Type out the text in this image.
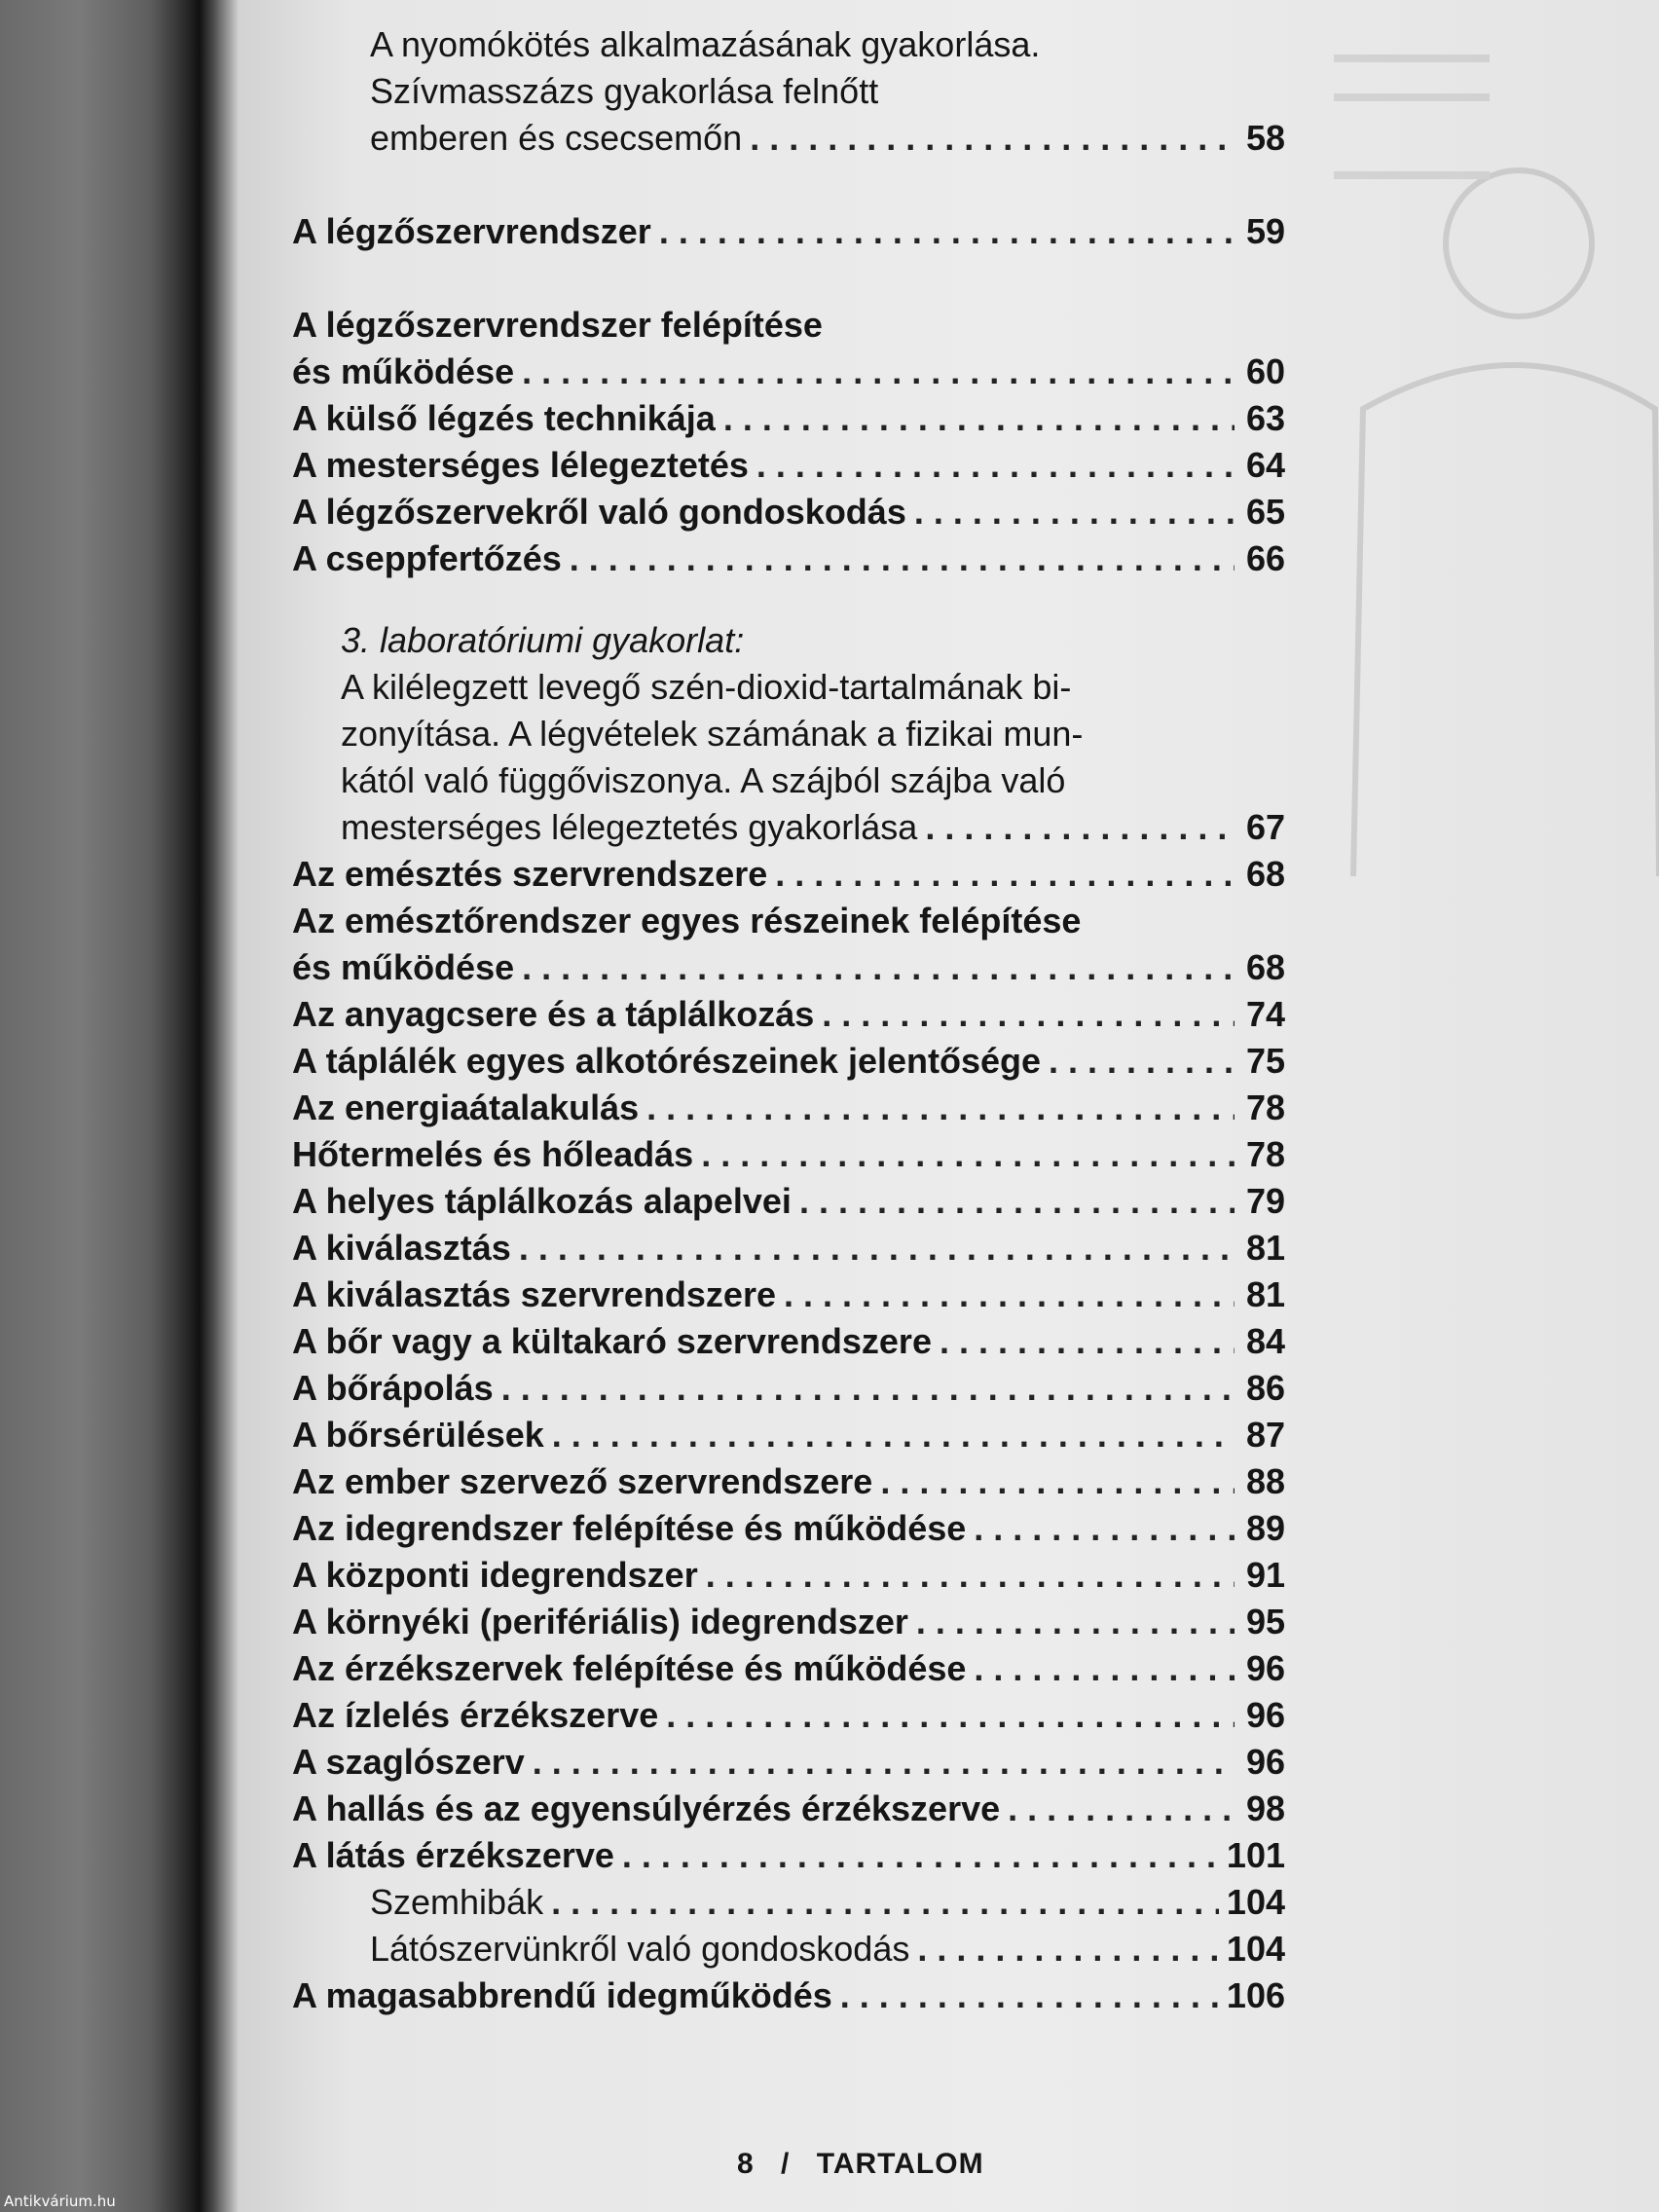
A nyomókötés alkalmazásának gyakorlása.
Szívmasszázs gyakorlása felnőtt
emberen és csecsemőn . . .	58
A légzőszervrendszer . . .	59
A légzőszervrendszer felépítése
és működése . . .	60
A külső légzés technikája . . .	63
A mesterséges lélegeztetés . . .	64
A légzőszervekről való gondoskodás . . .	65
A cseppfertőzés . . .	66
3. laboratóriumi gyakorlat:
A kilélegzett levegő szén-dioxid-tartalmának bi-
zonyítása. A légvételek számának a fizikai mun-
kától való függőviszonya. A szájból szájba való
mesterséges lélegeztetés gyakorlása . . .	67
Az emésztés szervrendszere . . .	68
Az emésztőrendszer egyes részeinek felépítése
és működése . . .	68
Az anyagcsere és a táplálkozás . . .	74
A táplálék egyes alkotórészeinek jelentősége . . .	75
Az energiaátalakulás . . .	78
Hőtermelés és hőleadás . . .	78
A helyes táplálkozás alapelvei . . .	79
A kiválasztás . . .	81
A kiválasztás szervrendszere . . .	81
A bőr vagy a kültakaró szervrendszere . . .	84
A bőrápolás . . .	86
A bőrsérülések . . .	87
Az ember szervező szervrendszere . . .	88
Az idegrendszer felépítése és működése . . .	89
A központi idegrendszer . . .	91
A környéki (perifériális) idegrendszer . . .	95
Az érzékszervek felépítése és működése . . .	96
Az ízlelés érzékszerve . . .	96
A szaglószerv . . .	96
A hallás és az egyensúlyérzés érzékszerve . . .	98
A látás érzékszerve . . .	101
Szemhibák . . .	104
Látószervünkről való gondoskodás . . .	104
A magasabbrendű idegműködés . . .	106
8 / TARTALOM
Antikvárium.hu
